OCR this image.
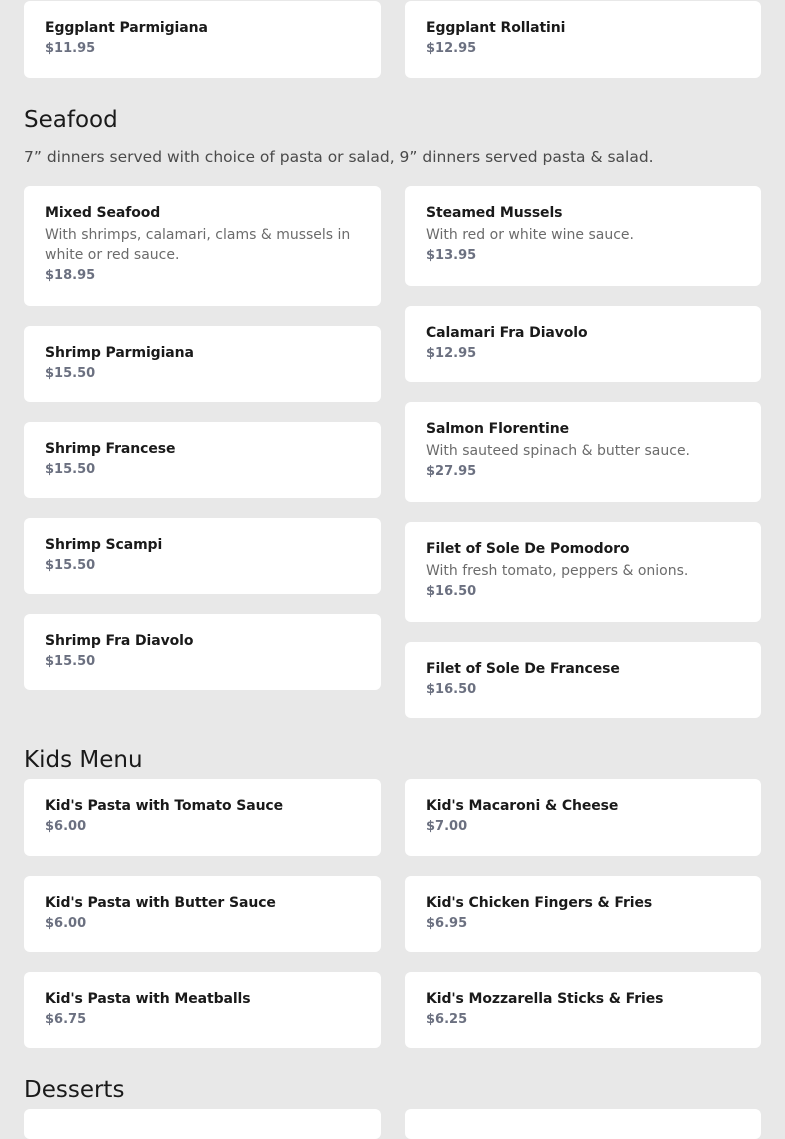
Eggplant Parmigiana
$11.95
Eggplant Rollatini
$12.95
Seafood
7” dinners served with choice of pasta or salad, 9” dinners served pasta & salad.
Mixed Seafood
With shrimps, calamari, clams & mussels in white or red sauce.
$18.95
Steamed Mussels
With red or white wine sauce.
$13.95
Shrimp Parmigiana
$15.50
Calamari Fra Diavolo
$12.95
Shrimp Francese
$15.50
Salmon Florentine
With sauteed spinach & butter sauce.
$27.95
Shrimp Scampi
$15.50
Filet of Sole De Pomodoro
With fresh tomato, peppers & onions.
$16.50
Shrimp Fra Diavolo
$15.50	Filet of Sole De Francese
$16.50
Kids Menu
Kid's Pasta with Tomato Sauce
$6.00
Kid's Macaroni & Cheese
$7.00
Kid's Pasta with Butter Sauce
$6.00
Kid's Chicken Fingers & Fries
$6.95
Kid's Pasta with Meatballs
$6.75
Kid's Mozzarella Sticks & Fries
$6.25
Desserts
